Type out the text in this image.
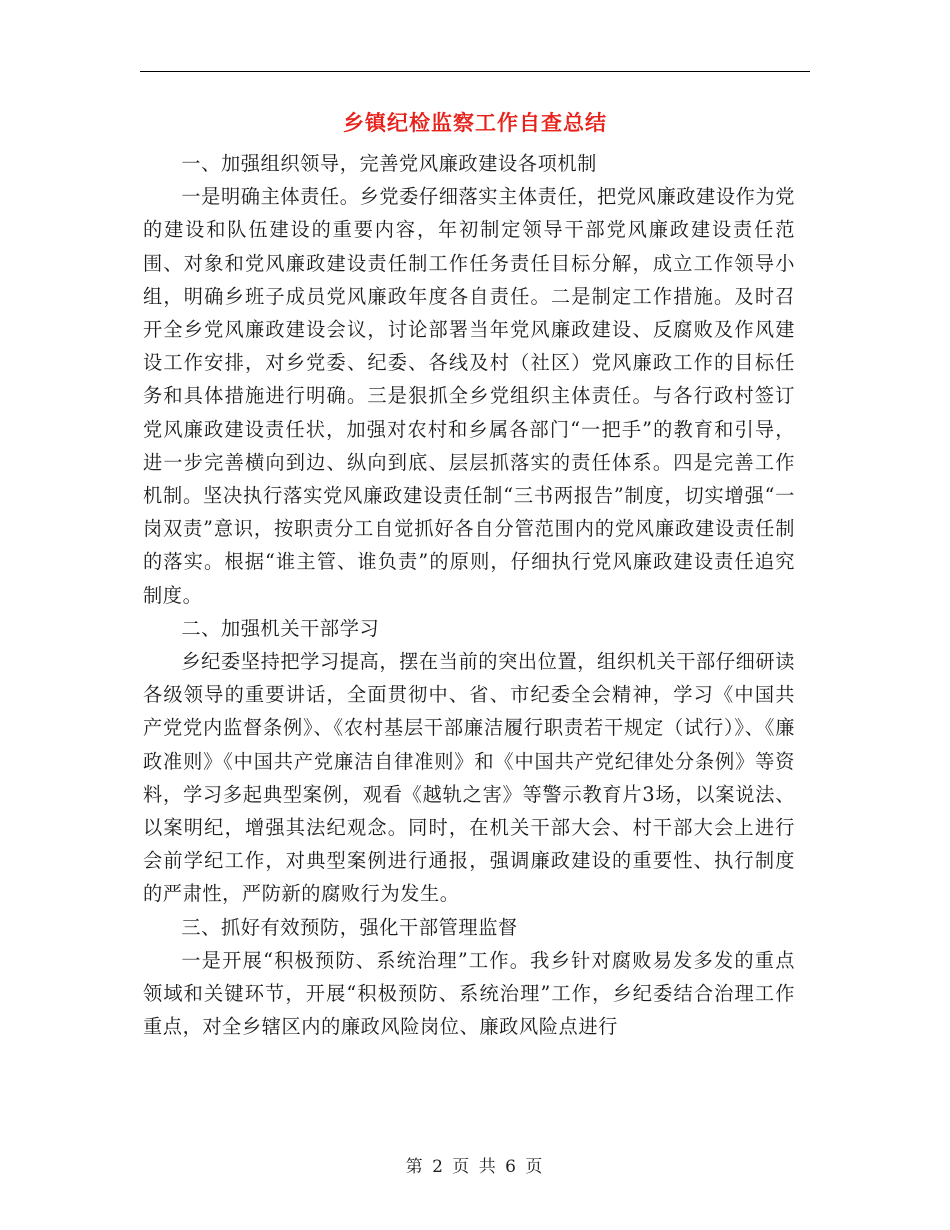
乡镇纪检监察工作自查总结

一、加强组织领导，完善党风廉政建设各项机制

一是明确主体责任。乡党委仔细落实主体责任，把党风廉政建设作为党的建设和队伍建设的重要内容，年初制定领导干部党风廉政建设责任范围、对象和党风廉政建设责任制工作任务责任目标分解，成立工作领导小组，明确乡班子成员党风廉政年度各自责任。二是制定工作措施。及时召开全乡党风廉政建设会议，讨论部署当年党风廉政建设、反腐败及作风建设工作安排，对乡党委、纪委、各线及村（社区）党风廉政工作的目标任务和具体措施进行明确。三是狠抓全乡党组织主体责任。与各行政村签订党风廉政建设责任状，加强对农村和乡属各部门“一把手”的教育和引导，进一步完善横向到边、纵向到底、层层抓落实的责任体系。四是完善工作机制。坚决执行落实党风廉政建设责任制“三书两报告”制度，切实增强“一岗双责”意识，按职责分工自觉抓好各自分管范围内的党风廉政建设责任制的落实。根据“谁主管、谁负责”的原则，仔细执行党风廉政建设责任追究制度。

二、加强机关干部学习

乡纪委坚持把学习提高，摆在当前的突出位置，组织机关干部仔细研读各级领导的重要讲话，全面贯彻中、省、市纪委全会精神，学习《中国共产党党内监督条例》、《农村基层干部廉洁履行职责若干规定（试行）》、《廉政准则》《中国共产党廉洁自律准则》和《中国共产党纪律处分条例》等资料，学习多起典型案例，观看《越轨之害》等警示教育片3场，以案说法、以案明纪，增强其法纪观念。同时，在机关干部大会、村干部大会上进行会前学纪工作，对典型案例进行通报，强调廉政建设的重要性、执行制度的严肃性，严防新的腐败行为发生。

三、抓好有效预防，强化干部管理监督

一是开展“积极预防、系统治理”工作。我乡针对腐败易发多发的重点领域和关键环节，开展“积极预防、系统治理”工作，乡纪委结合治理工作重点，对全乡辖区内的廉政风险岗位、廉政风险点进行

第 2 页 共 6 页
